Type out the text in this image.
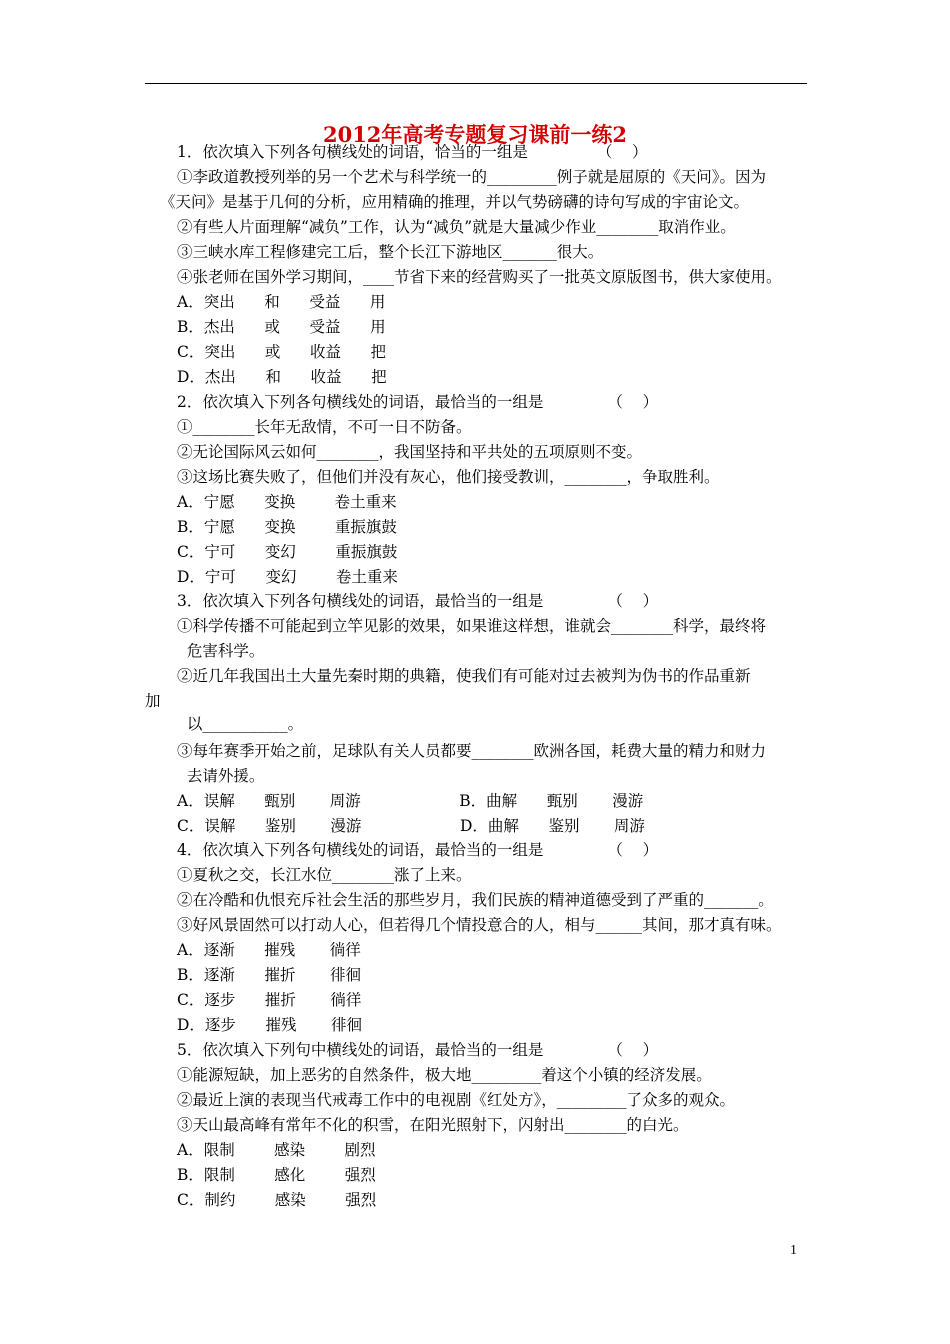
2012年高考专题复习课前一练2
1．依次填入下列各句横线处的词语，恰当的一组是              （    ）
①李政道教授列举的另一个艺术与科学统一的_________例子就是屈原的《天问》。因为
《天问》是基于几何的分析，应用精确的推理，并以气势磅礴的诗句写成的宇宙论文。
②有些人片面理解“减负”工作，认为“减负”就是大量减少作业________取消作业。
③三峡水库工程修建完工后，整个长江下游地区_______很大。
④张老师在国外学习期间，____节省下来的经营购买了一批英文原版图书，供大家使用。
A．突出      和      受益      用
B．杰出      或      受益      用
C．突出      或      收益      把
D．杰出      和      收益      把
2．依次填入下列各句横线处的词语，最恰当的一组是             （    ）
①________长年无敌情，不可一日不防备。
②无论国际风云如何________，我国坚持和平共处的五项原则不变。
③这场比赛失败了，但他们并没有灰心，他们接受教训，________，争取胜利。
A．宁愿      变换        卷土重来
B．宁愿      变换        重振旗鼓
C．宁可      变幻        重振旗鼓
D．宁可      变幻        卷土重来
3．依次填入下列各句横线处的词语，最恰当的一组是             （    ）
①科学传播不可能起到立竿见影的效果，如果谁这样想，谁就会________科学，最终将
危害科学。
②近几年我国出土大量先秦时期的典籍，使我们有可能对过去被判为伪书的作品重新
加
以___________。
③每年赛季开始之前，足球队有关人员都要________欧洲各国，耗费大量的精力和财力
去请外援。
A．误解      甄别       周游                    B．曲解      甄别       漫游
C．误解      鉴别       漫游                    D．曲解      鉴别       周游
4．依次填入下列各句横线处的词语，最恰当的一组是             （    ）
①夏秋之交，长江水位________涨了上来。
②在冷酷和仇恨充斥社会生活的那些岁月，我们民族的精神道德受到了严重的_______。
③好风景固然可以打动人心，但若得几个情投意合的人，相与______其间，那才真有味。
A．逐渐      摧残       徜徉
B．逐渐      摧折       徘徊
C．逐步      摧折       徜徉
D．逐步      摧残       徘徊
5．依次填入下列句中横线处的词语，最恰当的一组是             （    ）
①能源短缺，加上恶劣的自然条件，极大地_________着这个小镇的经济发展。
②最近上演的表现当代戒毒工作中的电视剧《红处方》，_________了众多的观众。
③天山最高峰有常年不化的积雪，在阳光照射下，闪射出________的白光。
A．限制        感染        剧烈
B．限制        感化        强烈
C．制约        感染        强烈
1
